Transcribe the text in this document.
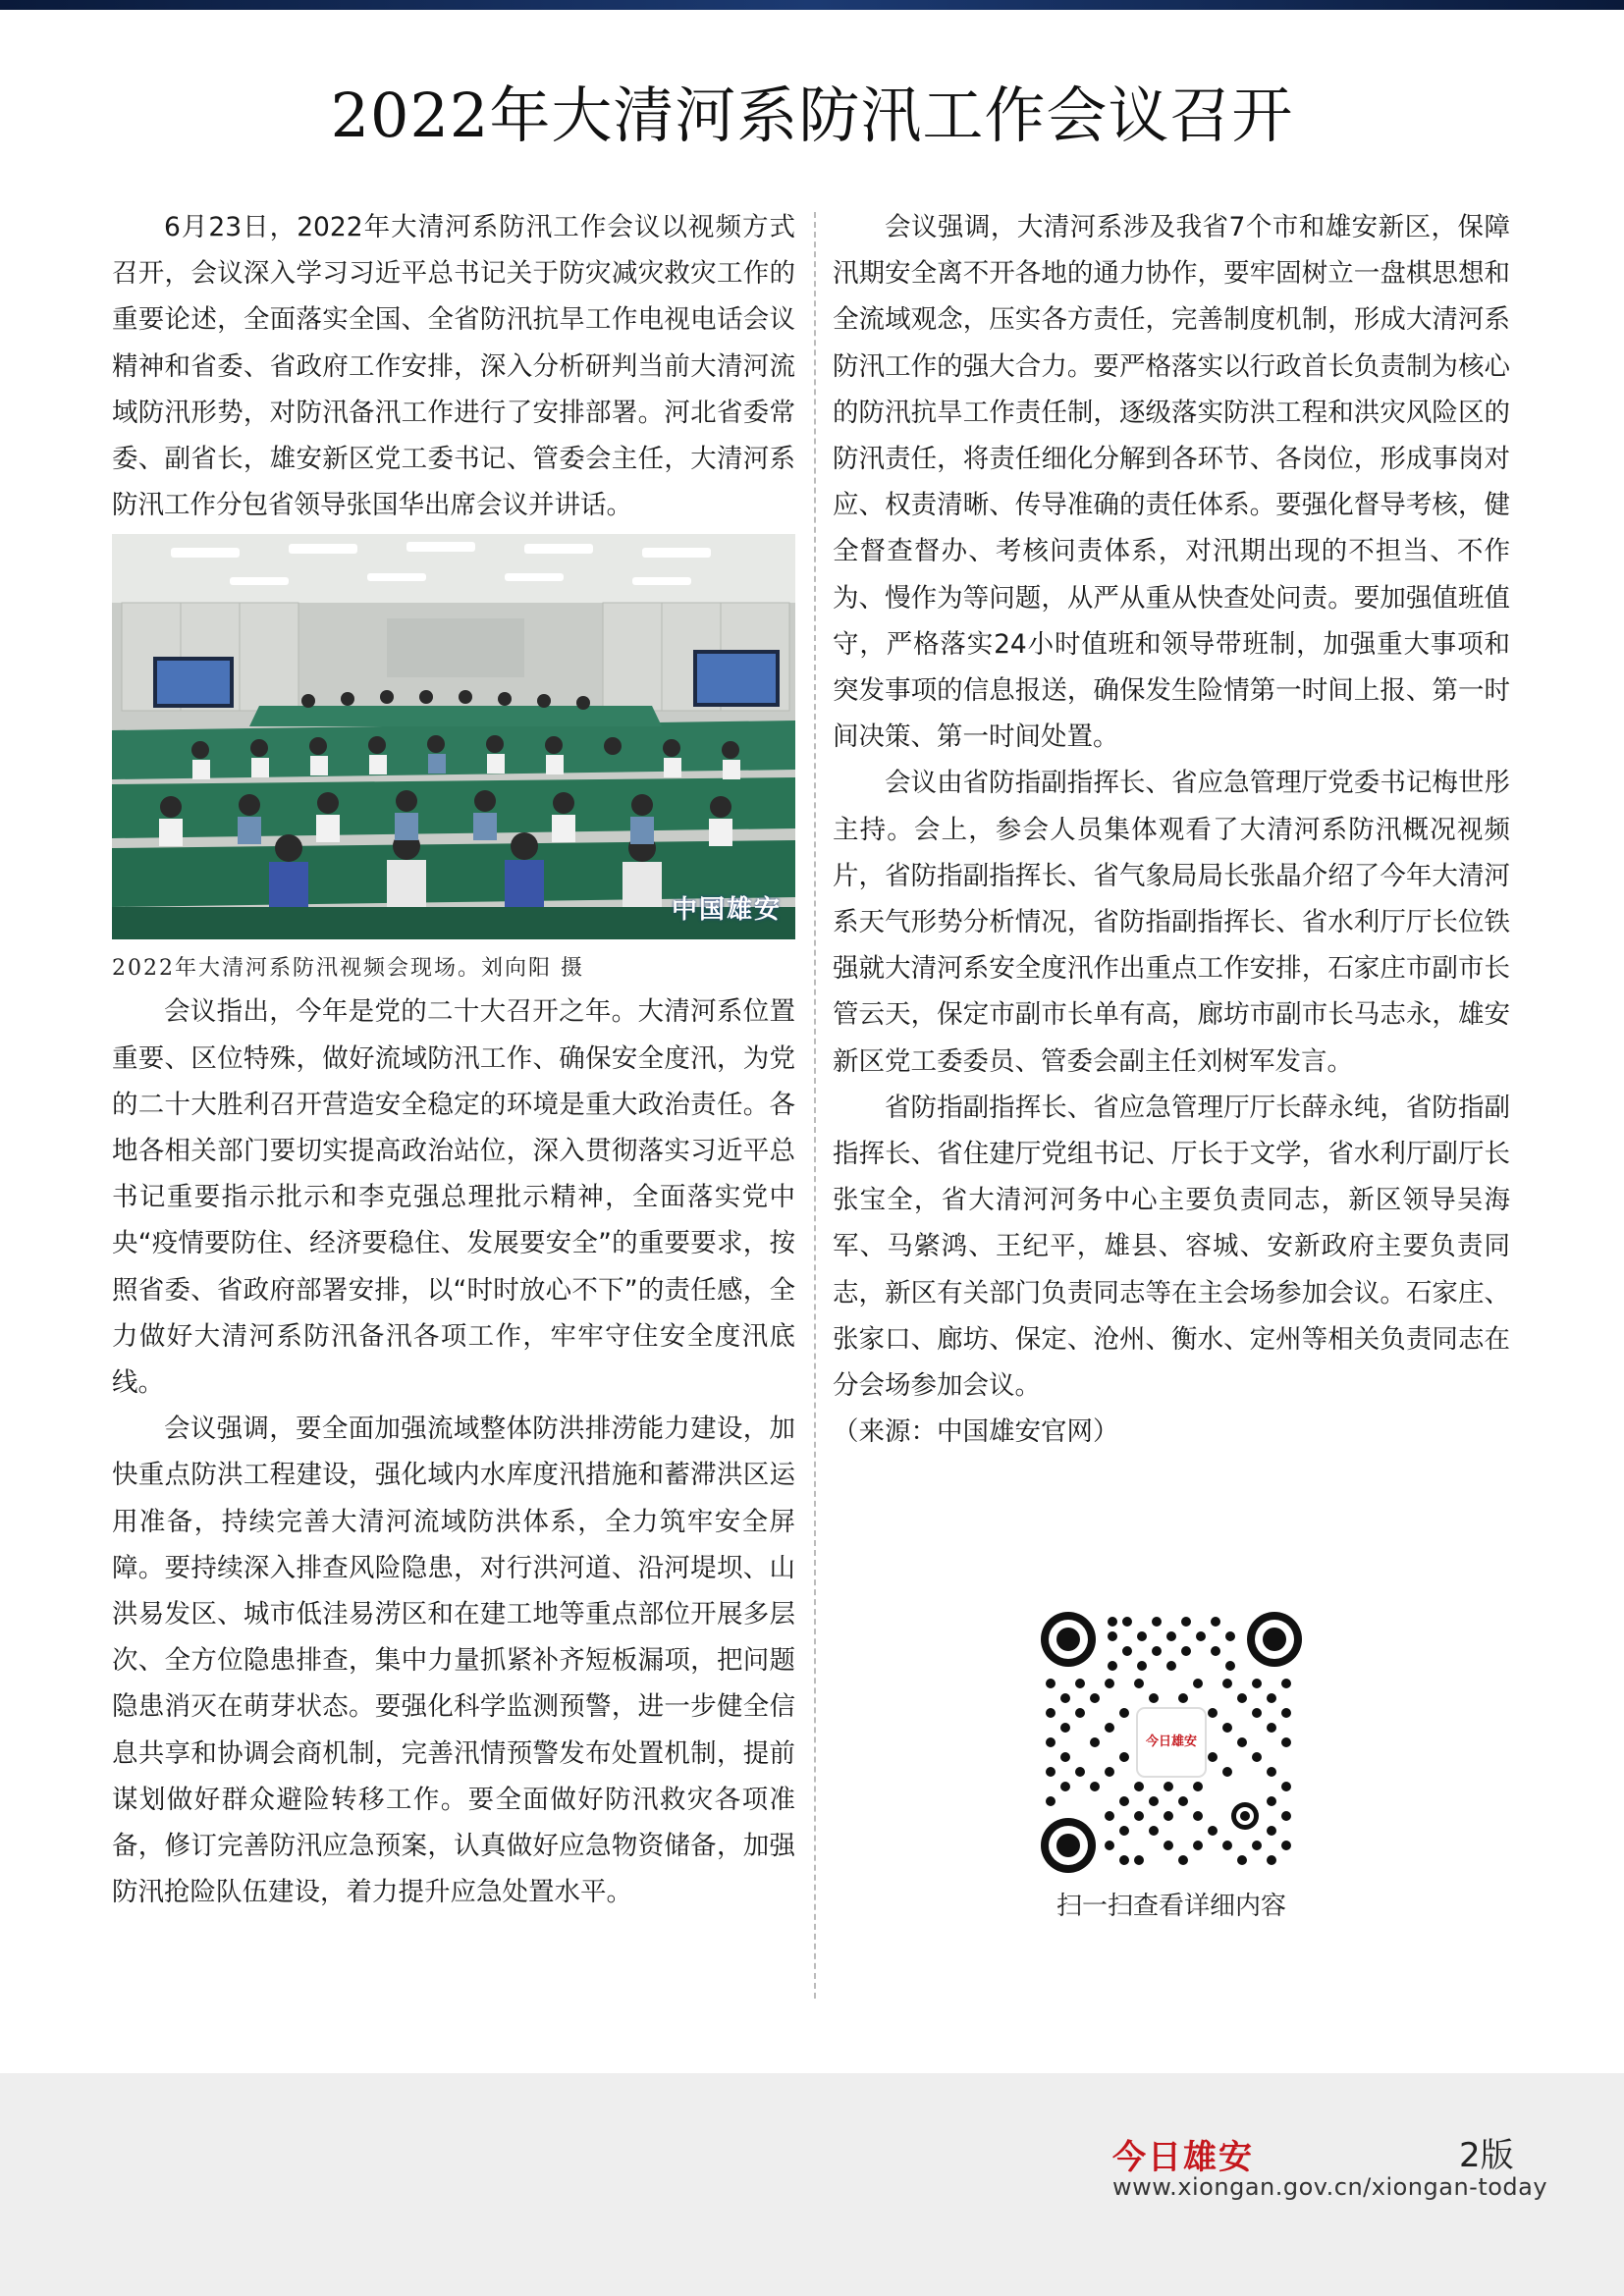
2022年大清河系防汛工作会议召开

6月23日，2022年大清河系防汛工作会议以视频方式召开，会议深入学习习近平总书记关于防灾减灾救灾工作的重要论述，全面落实全国、全省防汛抗旱工作电视电话会议精神和省委、省政府工作安排，深入分析研判当前大清河流域防汛形势，对防汛备汛工作进行了安排部署。河北省委常委、副省长，雄安新区党工委书记、管委会主任，大清河系防汛工作分包省领导张国华出席会议并讲话。

中国雄安

2022年大清河系防汛视频会现场。刘向阳 摄

会议指出，今年是党的二十大召开之年。大清河系位置重要、区位特殊，做好流域防汛工作、确保安全度汛，为党的二十大胜利召开营造安全稳定的环境是重大政治责任。各地各相关部门要切实提高政治站位，深入贯彻落实习近平总书记重要指示批示和李克强总理批示精神，全面落实党中央“疫情要防住、经济要稳住、发展要安全”的重要要求，按照省委、省政府部署安排，以“时时放心不下”的责任感，全力做好大清河系防汛备汛各项工作，牢牢守住安全度汛底线。

会议强调，要全面加强流域整体防洪排涝能力建设，加快重点防洪工程建设，强化域内水库度汛措施和蓄滞洪区运用准备，持续完善大清河流域防洪体系，全力筑牢安全屏障。要持续深入排查风险隐患，对行洪河道、沿河堤坝、山洪易发区、城市低洼易涝区和在建工地等重点部位开展多层次、全方位隐患排查，集中力量抓紧补齐短板漏项，把问题隐患消灭在萌芽状态。要强化科学监测预警，进一步健全信息共享和协调会商机制，完善汛情预警发布处置机制，提前谋划做好群众避险转移工作。要全面做好防汛救灾各项准备，修订完善防汛应急预案，认真做好应急物资储备，加强防汛抢险队伍建设，着力提升应急处置水平。

会议强调，大清河系涉及我省7个市和雄安新区，保障汛期安全离不开各地的通力协作，要牢固树立一盘棋思想和全流域观念，压实各方责任，完善制度机制，形成大清河系防汛工作的强大合力。要严格落实以行政首长负责制为核心的防汛抗旱工作责任制，逐级落实防洪工程和洪灾风险区的防汛责任，将责任细化分解到各环节、各岗位，形成事岗对应、权责清晰、传导准确的责任体系。要强化督导考核，健全督查督办、考核问责体系，对汛期出现的不担当、不作为、慢作为等问题，从严从重从快查处问责。要加强值班值守，严格落实24小时值班和领导带班制，加强重大事项和突发事项的信息报送，确保发生险情第一时间上报、第一时间决策、第一时间处置。

会议由省防指副指挥长、省应急管理厅党委书记梅世彤主持。会上，参会人员集体观看了大清河系防汛概况视频片，省防指副指挥长、省气象局局长张晶介绍了今年大清河系天气形势分析情况，省防指副指挥长、省水利厅厅长位铁强就大清河系安全度汛作出重点工作安排，石家庄市副市长管云天，保定市副市长单有高，廊坊市副市长马志永，雄安新区党工委委员、管委会副主任刘树军发言。

省防指副指挥长、省应急管理厅厅长薛永纯，省防指副指挥长、省住建厅党组书记、厅长于文学，省水利厅副厅长张宝全，省大清河河务中心主要负责同志，新区领导吴海军、马綮鸿、王纪平，雄县、容城、安新政府主要负责同志，新区有关部门负责同志等在主会场参加会议。石家庄、张家口、廊坊、保定、沧州、衡水、定州等相关负责同志在分会场参加会议。

（来源：中国雄安官网）

今日雄安
扫一扫查看详细内容
今日雄安	2版
www.xiongan.gov.cn/xiongan-today
